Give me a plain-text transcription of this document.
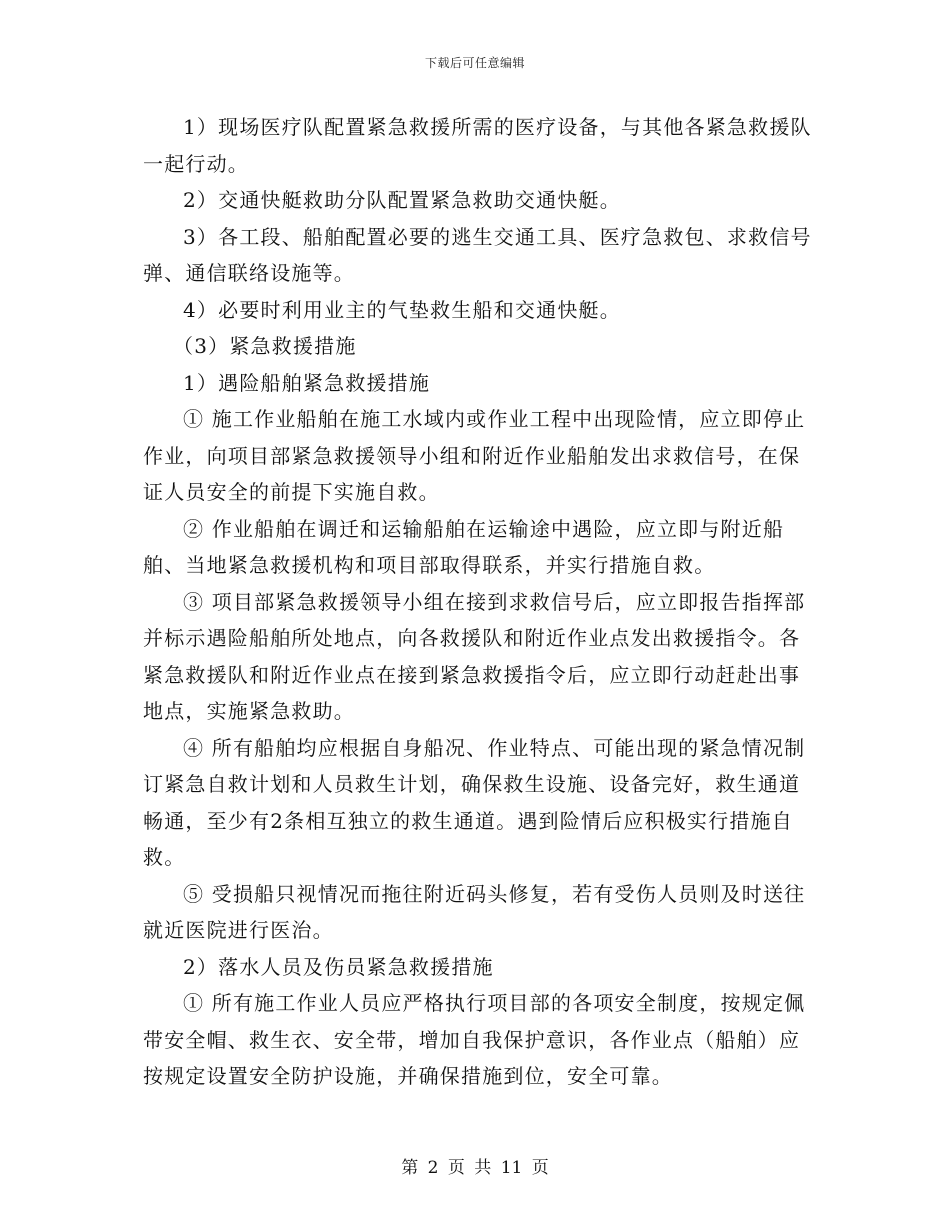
下载后可任意编辑

1）现场医疗队配置紧急救援所需的医疗设备，与其他各紧急救援队一起行动。

2）交通快艇救助分队配置紧急救助交通快艇。

3）各工段、船舶配置必要的逃生交通工具、医疗急救包、求救信号弹、通信联络设施等。

4）必要时利用业主的气垫救生船和交通快艇。

（3）紧急救援措施

1）遇险船舶紧急救援措施

① 施工作业船舶在施工水域内或作业工程中出现险情，应立即停止作业，向项目部紧急救援领导小组和附近作业船舶发出求救信号，在保证人员安全的前提下实施自救。

② 作业船舶在调迁和运输船舶在运输途中遇险，应立即与附近船舶、当地紧急救援机构和项目部取得联系，并实行措施自救。

③ 项目部紧急救援领导小组在接到求救信号后，应立即报告指挥部并标示遇险船舶所处地点，向各救援队和附近作业点发出救援指令。各紧急救援队和附近作业点在接到紧急救援指令后，应立即行动赶赴出事地点，实施紧急救助。

④ 所有船舶均应根据自身船况、作业特点、可能出现的紧急情况制订紧急自救计划和人员救生计划，确保救生设施、设备完好，救生通道畅通，至少有2条相互独立的救生通道。遇到险情后应积极实行措施自救。

⑤ 受损船只视情况而拖往附近码头修复，若有受伤人员则及时送往就近医院进行医治。

2）落水人员及伤员紧急救援措施

① 所有施工作业人员应严格执行项目部的各项安全制度，按规定佩带安全帽、救生衣、安全带，增加自我保护意识，各作业点（船舶）应按规定设置安全防护设施，并确保措施到位，安全可靠。

第 2 页 共 11 页
